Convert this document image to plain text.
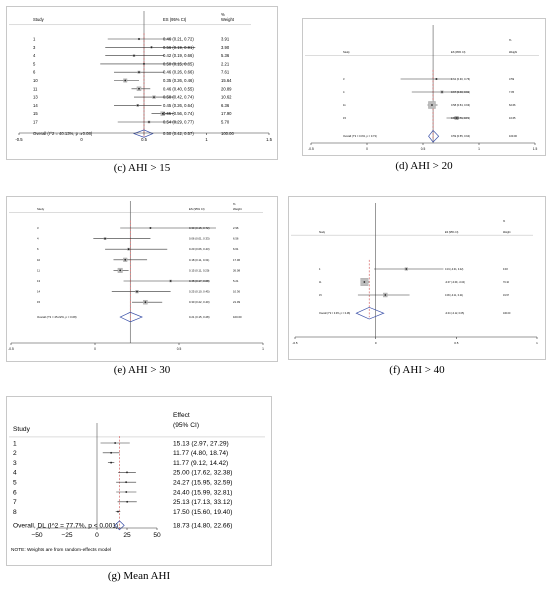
ES (95% CI)
%
Weight
Study
1	0.46 (0.21, 0.72)	3.91
3	0.56 (0.19, 0.91)	3.90
4	0.42 (0.19, 0.66)	5.36
5	0.50 (0.15, 0.85)	2.21
6	0.46 (0.26, 0.66)	7.61
10	0.35 (0.26, 0.46)	15.64
11	0.46 (0.40, 0.55)	20.89
13	0.58 (0.42, 0.74)	10.62
14	0.45 (0.26, 0.64)	6.36
15	0.65 (0.56, 0.74)	17.90
17	0.54 (0.29, 0.77)	5.70
Overall (I^2 = 40.13%, p = 0.08)	0.50 (0.42, 0.57)	100.00
-0.5	0	0.5	1	1.5
(c) AHI > 15
ES (95% CI)
%
Weight
Study
3	0.62 (0.30, 0.76)	3.59
4	0.67 (0.40, 0.91)	7.05
11	0.58 (0.54, 0.63)	62.66
15	0.80 (0.71, 0.89)	16.65
Overall (I^2 = 0.0%, p = 0.73)	0.59 (0.55, 0.64)	100.00
-0.5	0	0.5	1	1.5
(d) AHI > 20
ES (95% CI)
%
Weight
Study
3	0.33 (0.15, 0.72)	2.96
4	0.06 (0.01, 0.33)	6.56
6	0.20 (0.06, 0.43)	6.61
10	0.18 (0.11, 0.31)	17.06
11	0.15 (0.11, 0.20)	26.08
13	0.45 (0.17, 0.68)	5.21
14	0.25 (0.10, 0.45)	10.36
15	0.30 (0.22, 0.40)	21.09
Overall (I^2 = 45.22%, p = 0.08)	0.21 (0.15, 0.28)	100.00
-0.5	0	0.5	1
(e) AHI > 30
ES (95% CI)
%
Weight
Study
4	0.19 (-0.01, 0.42)	9.93
11	-0.07 (-0.09, -0.04)	70.10
15	0.06 (-0.11, 0.21)	19.97
Overall (I^2 = 0.0%, p = 0.48)	-0.04 (-0.12, 0.05)	100.00
-0.5	0	0.5	1
(f) AHI > 40
Effect
(95% CI)
Study
1	15.13 (2.97, 27.29)
2	11.77 (4.80, 18.74)
3	11.77 (9.12, 14.42)
4	25.00 (17.62, 32.38)
5	24.27 (15.95, 32.59)
6	24.40 (15.99, 32.81)
7	25.13 (17.13, 33.12)
8	17.50 (15.60, 19.40)
Overall, DL (I^2 = 77.7%, p < 0.001)	18.73 (14.80, 22.66)
−50	−25	0	25	50
NOTE: Weights are from random-effects model
(g) Mean AHI
